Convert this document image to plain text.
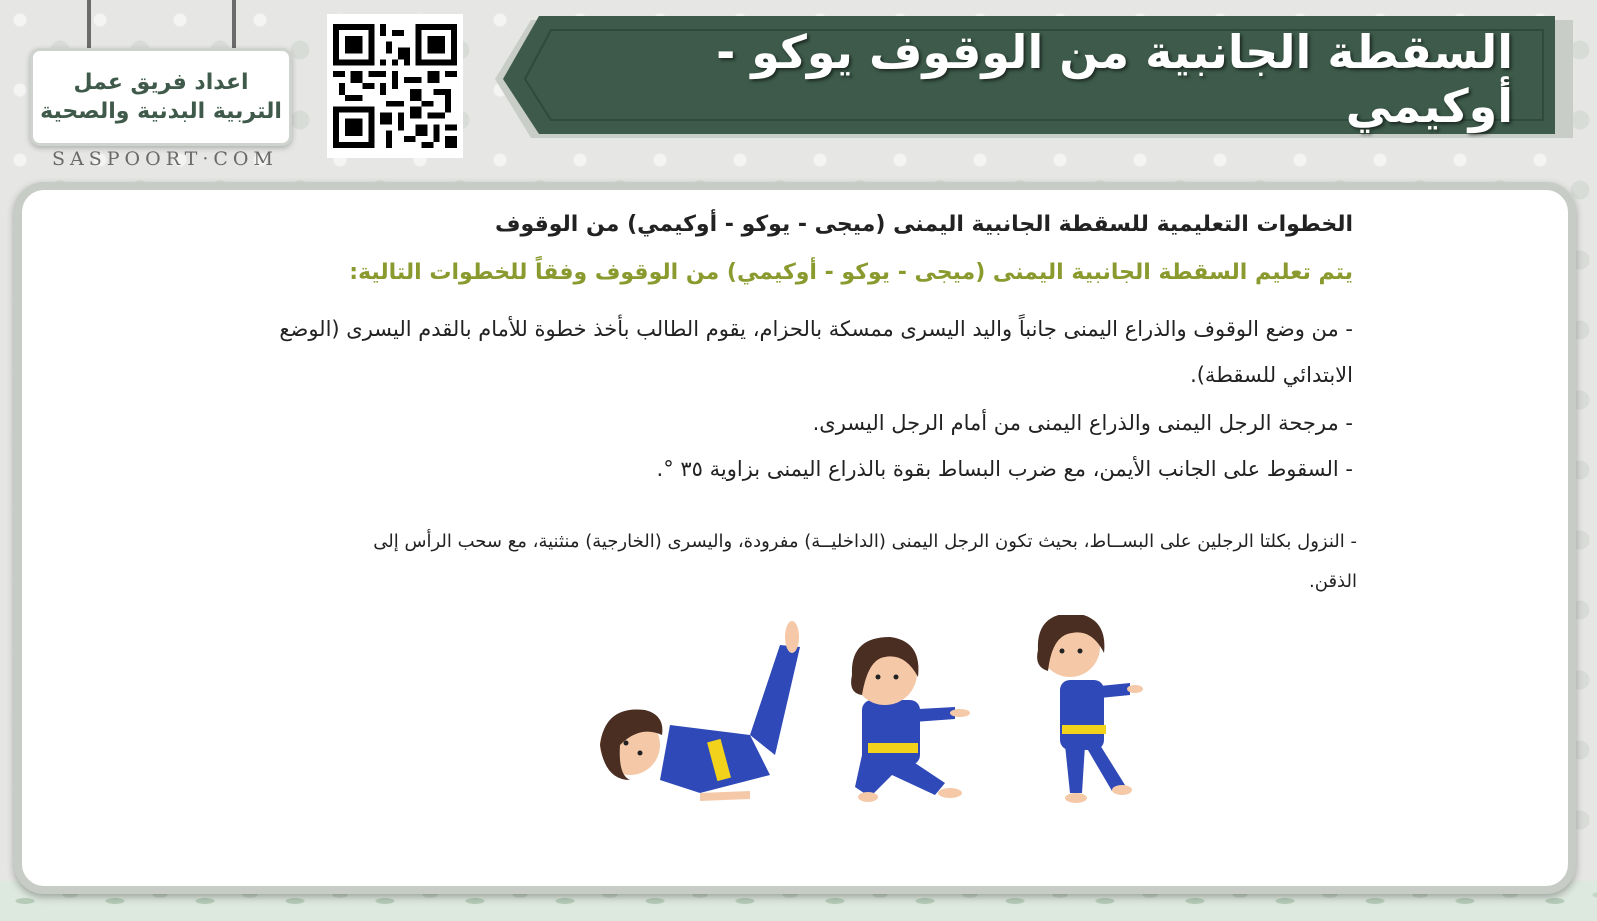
اعداد فريق عمل
التربية البدنية والصحية
SASPOORT·COM
السقطة الجانبية من الوقوف يوكو - أوكيمي
الخطوات التعليمية للسقطة الجانبية اليمنى (ميجى - يوكو - أوكيمي) من الوقوف
يتم تعليم السقطة الجانبية اليمنى (ميجى - يوكو - أوكيمي) من الوقوف وفقاً للخطوات التالية:
- من وضع الوقوف والذراع اليمنى جانباً واليد اليسرى ممسكة بالحزام، يقوم الطالب بأخذ خطوة للأمام بالقدم اليسرى (الوضع الابتدائي للسقطة).
- مرجحة الرجل اليمنى والذراع اليمنى من أمام الرجل اليسرى.
- السقوط على الجانب الأيمن، مع ضرب البساط بقوة بالذراع اليمنى بزاوية ٣٥ °.
- النزول بكلتا الرجلين على البســاط، بحيث تكون الرجل اليمنى (الداخليــة) مفرودة، واليسرى (الخارجية) منثنية، مع سحب الرأس إلى الذقن.
